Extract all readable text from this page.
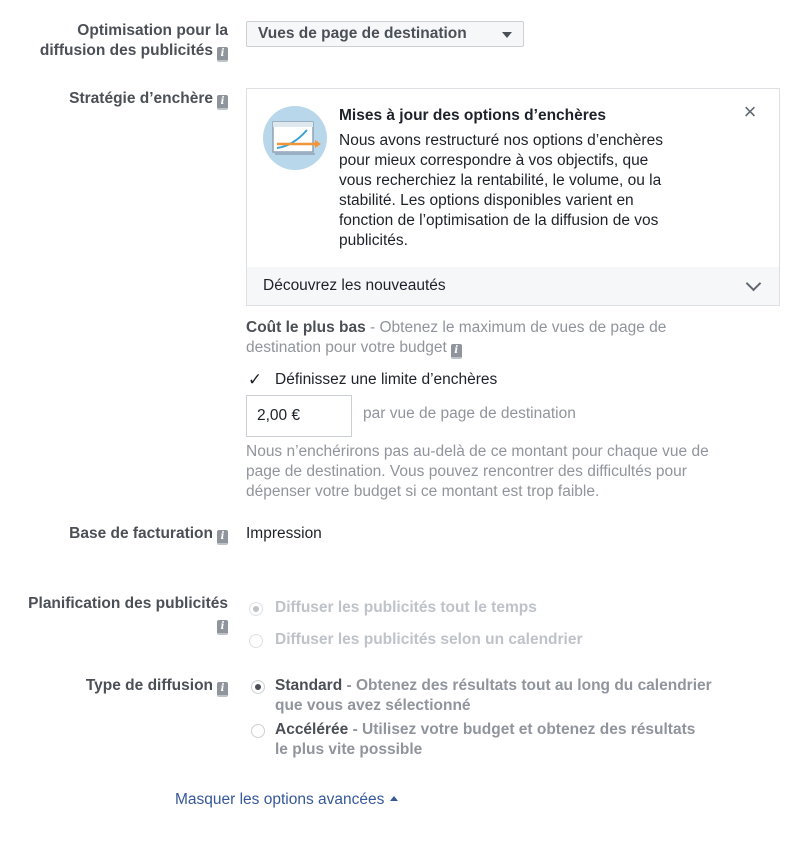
Optimisation pour la
diffusion des publicités i
Vues de page de destination
Stratégie d’enchère i
Mises à jour des options d’enchères
Nous avons restructuré nos options d’enchères
pour mieux correspondre à vos objectifs, que
vous recherchiez la rentabilité, le volume, ou la
stabilité. Les options disponibles varient en
fonction de l’optimisation de la diffusion de vos
publicités.
×
Découvrez les nouveautés
Coût le plus bas - Obtenez le maximum de vues de page de
destination pour votre budget i
✓ Définissez une limite d’enchères
2,00 €
par vue de page de destination
Nous n’enchérirons pas au-delà de ce montant pour chaque vue de
page de destination. Vous pouvez rencontrer des difficultés pour
dépenser votre budget si ce montant est trop faible.
Base de facturation i Impression
Planification des publicités
i
Diffuser les publicités tout le temps
Diffuser les publicités selon un calendrier
Type de diffusion i	Standard - Obtenez des résultats tout au long du calendrier
que vous avez sélectionné
Accélérée - Utilisez votre budget et obtenez des résultats
le plus vite possible
Masquer les options avancées
